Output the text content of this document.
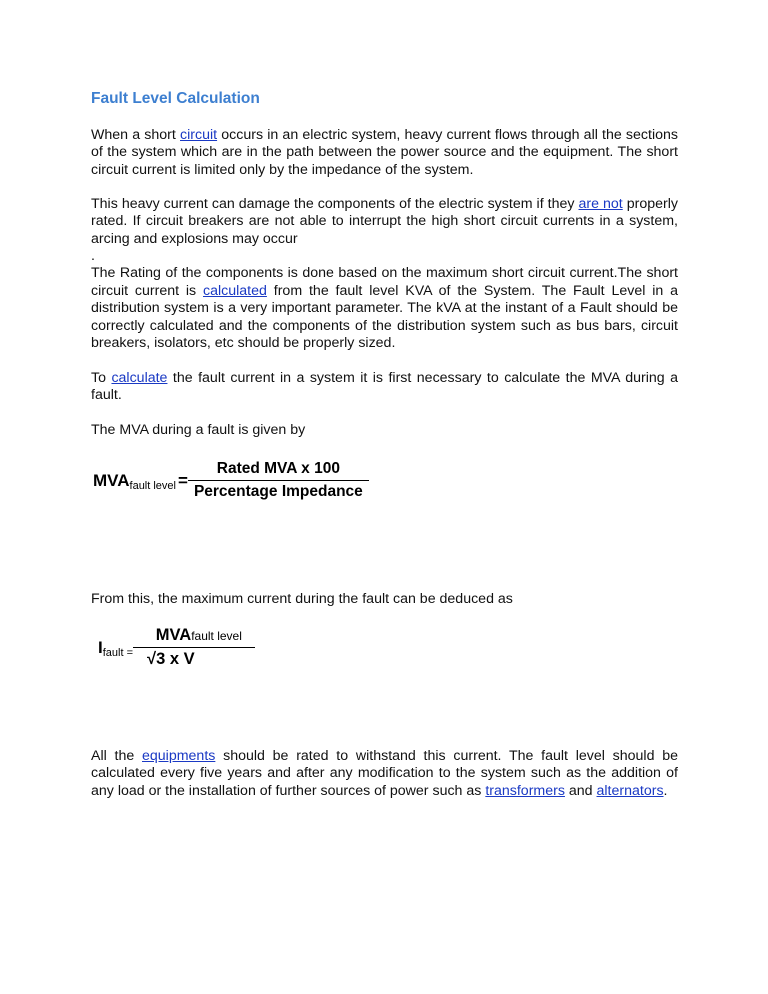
Fault Level Calculation

When a short circuit occurs in an electric system, heavy current flows through all the sections of the system which are in the path between the power source and the equipment. The short circuit current is limited only by the impedance of the system.

This heavy current can damage the components of the electric system if they are not properly rated. If circuit breakers are not able to interrupt the high short circuit currents in a system, arcing and explosions may occur

.
The Rating of the components is done based on the maximum short circuit current.The short circuit current is calculated from the fault level KVA of the System. The Fault Level in a distribution system is a very important parameter. The kVA at the instant of a Fault should be correctly calculated and the components of the distribution system such as bus bars, circuit breakers, isolators, etc should be properly sized.

To calculate the fault current in a system it is first necessary to calculate the MVA during a fault.

The MVA during a fault is given by

MVAfault level = $\frac{\text{Rated MVA x 100}}{\text{Percentage Impedance}}$

From this, the maximum current during the fault can be deduced as

Ifault = $\frac{\text{MVAfault level}}{\text{√3 x V}}$

All the equipments should be rated to withstand this current. The fault level should be calculated every five years and after any modification to the system such as the addition of any load or the installation of further sources of power such as transformers and alternators.
